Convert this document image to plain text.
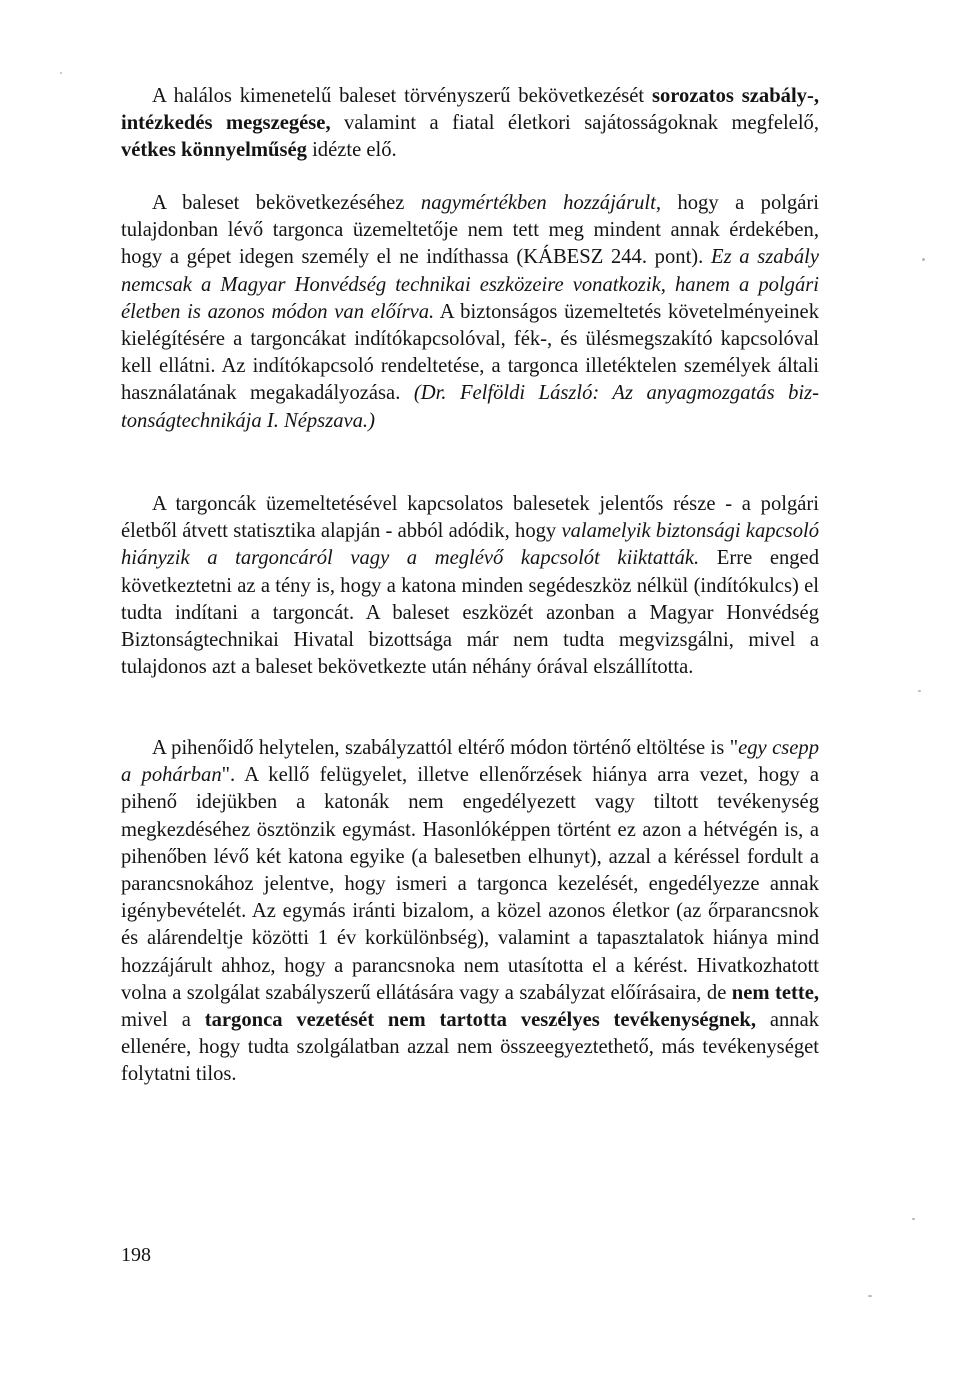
A halálos kimenetelű baleset törvényszerű bekövetkezését sorozatos szabály-, intézkedés megszegése, valamint a fiatal életkori sajátosságoknak megfelelő, vétkes könnyelműség idézte elő.

A baleset bekövetkezéséhez nagymértékben hozzájárult, hogy a polgári tulajdonban lévő targonca üzemeltetője nem tett meg mindent annak érdekében, hogy a gépet idegen személy el ne indíthassa (KÁBESZ 244. pont). Ez a szabály nemcsak a Magyar Honvédség technikai eszközeire vonatkozik, hanem a polgári életben is azonos módon van előírva. A biztonságos üzemeltetés követelményeinek kielégítésére a targoncákat indítókapcsolóval, fék-, és ülésmegszakító kapcsolóval kell ellátni. Az indítókapcsoló rendeltetése, a targonca illetéktelen személyek általi használatának megakadályozása. (Dr. Felföldi László: Az anyagmozgatás biztonságtechnikája I. Népszava.)

A targoncák üzemeltetésével kapcsolatos balesetek jelentős része - a polgári életből átvett statisztika alapján - abból adódik, hogy valamelyik biztonsági kapcsoló hiányzik a targoncáról vagy a meglévő kapcsolót kiiktatták. Erre enged következtetni az a tény is, hogy a katona minden segédeszköz nélkül (indítókulcs) el tudta indítani a targoncát. A baleset eszközét azonban a Magyar Honvédség Biztonságtechnikai Hivatal bizottsága már nem tudta megvizsgálni, mivel a tulajdonos azt a baleset bekövetkezte után néhány órával elszállította.

A pihenőidő helytelen, szabályzattól eltérő módon történő eltöltése is "egy csepp a pohárban". A kellő felügyelet, illetve ellenőrzések hiánya arra vezet, hogy a pihenő idejükben a katonák nem engedélyezett vagy tiltott tevékenység megkezdéséhez ösztönzik egymást. Hasonlóképpen történt ez azon a hétvégén is, a pihenőben lévő két katona egyike (a balesetben elhunyt), azzal a kéréssel fordult a parancsnokához jelentve, hogy ismeri a targonca kezelését, engedélyezze annak igénybevételét. Az egymás iránti bizalom, a közel azonos életkor (az őrparancsnok és alárendeltje közötti 1 év korkülönbség), valamint a tapasztalatok hiánya mind hozzájárult ahhoz, hogy a parancsnoka nem utasította el a kérést. Hivatkozhatott volna a szolgálat szabályszerű ellátására vagy a szabályzat előírásaira, de nem tette, mivel a targonca vezetését nem tartotta veszélyes tevékenységnek, annak ellenére, hogy tudta szolgálatban azzal nem összeegyeztethető, más tevékenységet folytatni tilos.

198
